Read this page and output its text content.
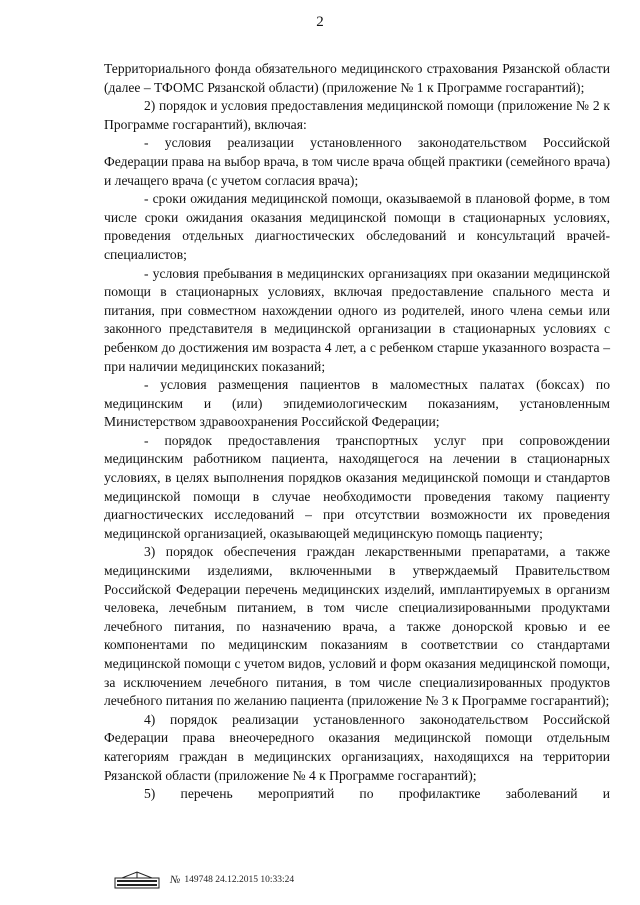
2

Территориального фонда обязательного медицинского страхования Рязанской области (далее – ТФОМС Рязанской области) (приложение № 1 к Программе госгарантий);

2) порядок и условия предоставления медицинской помощи (приложение № 2 к Программе госгарантий), включая:

- условия реализации установленного законодательством Российской Федерации права на выбор врача, в том числе врача общей практики (семейного врача) и лечащего врача (с учетом согласия врача);

- сроки ожидания медицинской помощи, оказываемой в плановой форме, в том числе сроки ожидания оказания медицинской помощи в стационарных условиях, проведения отдельных диагностических обследований и консультаций врачей-специалистов;

- условия пребывания в медицинских организациях при оказании медицинской помощи в стационарных условиях, включая предоставление спального места и питания, при совместном нахождении одного из родителей, иного члена семьи или законного представителя в медицинской организации в стационарных условиях с ребенком до достижения им возраста 4 лет, а с ребенком старше указанного возраста – при наличии медицинских показаний;

- условия размещения пациентов в маломестных палатах (боксах) по медицинским и (или) эпидемиологическим показаниям, установленным Министерством здравоохранения Российской Федерации;

- порядок предоставления транспортных услуг при сопровождении медицинским работником пациента, находящегося на лечении в стационарных условиях, в целях выполнения порядков оказания медицинской помощи и стандартов медицинской помощи в случае необходимости проведения такому пациенту диагностических исследований – при отсутствии возможности их проведения медицинской организацией, оказывающей медицинскую помощь пациенту;

3) порядок обеспечения граждан лекарственными препаратами, а также медицинскими изделиями, включенными в утверждаемый Правительством Российской Федерации перечень медицинских изделий, имплантируемых в организм человека, лечебным питанием, в том числе специализированными продуктами лечебного питания, по назначению врача, а также донорской кровью и ее компонентами по медицинским показаниям в соответствии со стандартами медицинской помощи с учетом видов, условий и форм оказания медицинской помощи, за исключением лечебного питания, в том числе специализированных продуктов лечебного питания по желанию пациента (приложение № 3 к Программе госгарантий);

4) порядок реализации установленного законодательством Российской Федерации права внеочередного оказания медицинской помощи отдельным категориям граждан в медицинских организациях, находящихся на территории Рязанской области (приложение № 4 к Программе госгарантий);

5) перечень мероприятий по профилактике заболеваний и

№ 149748 24.12.2015 10:33:24
